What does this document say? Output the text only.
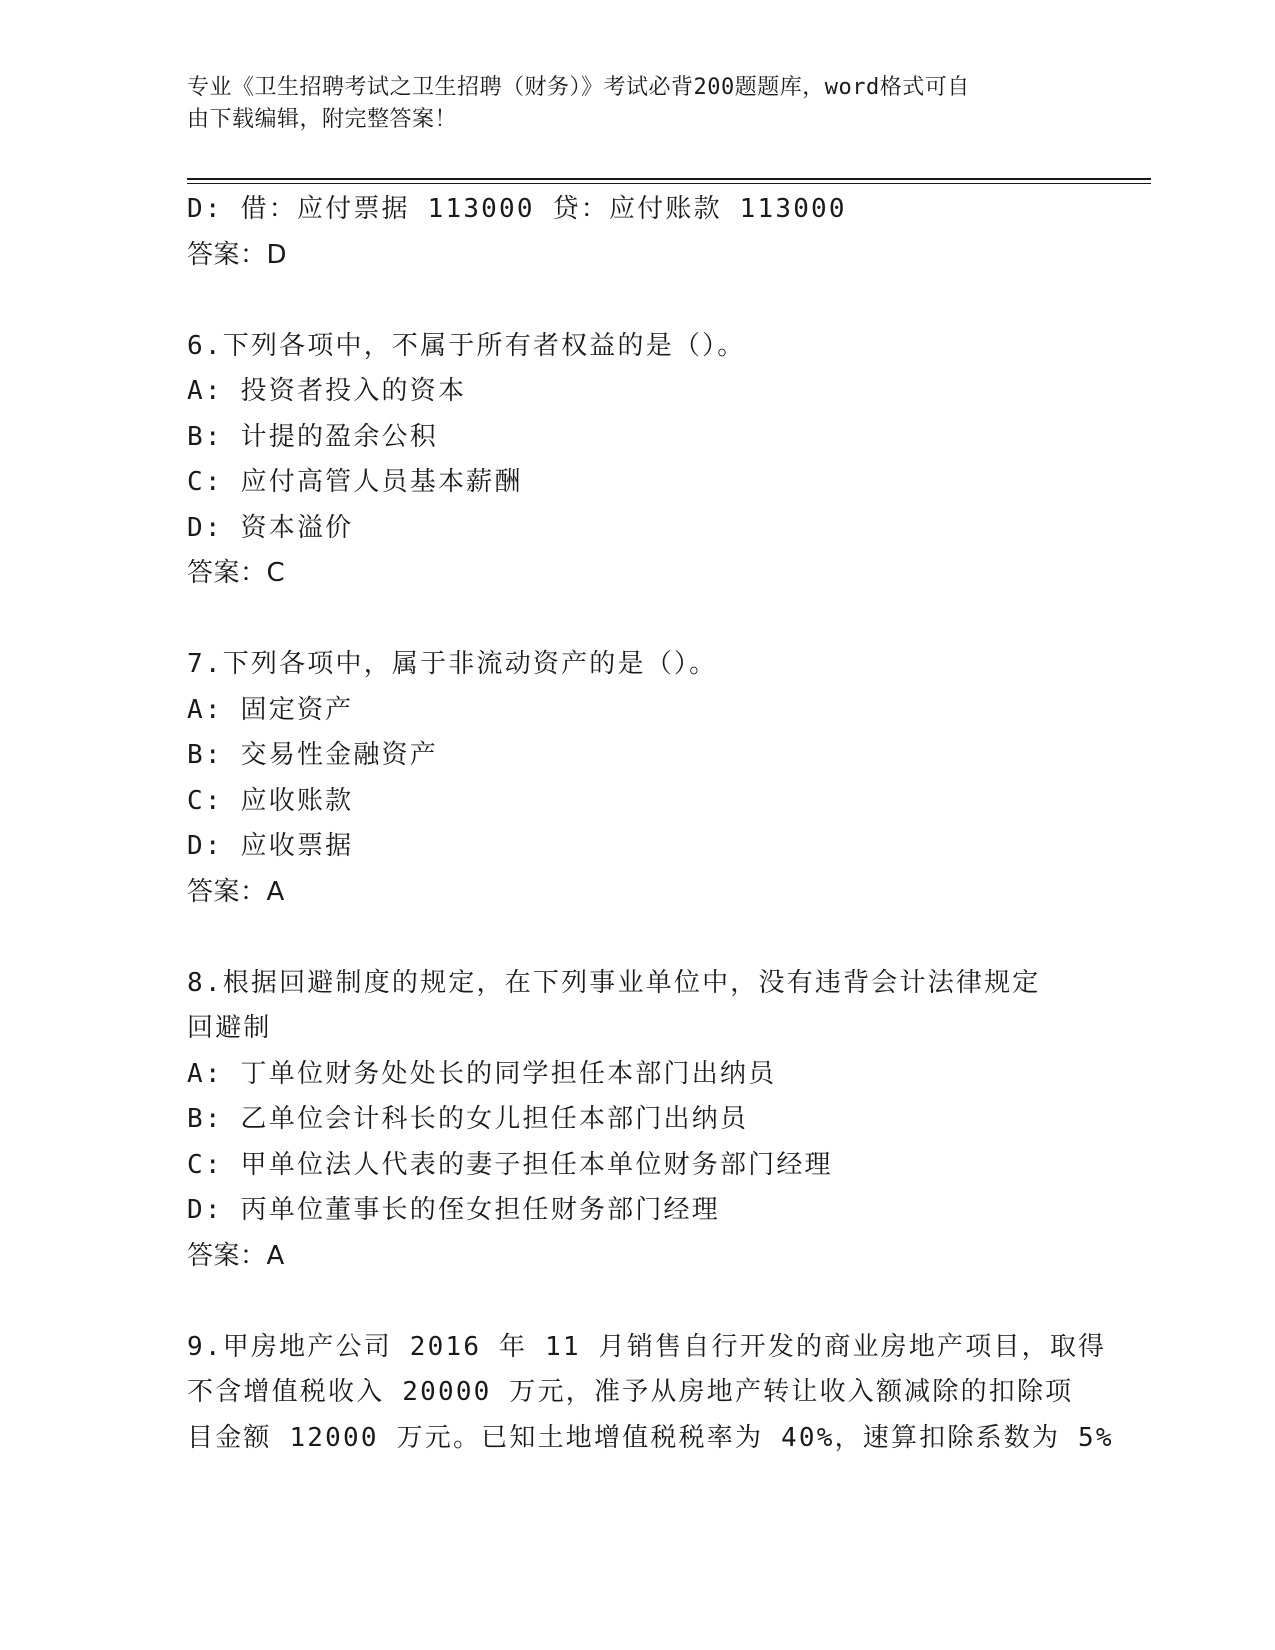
专业《卫生招聘考试之卫生招聘（财务）》考试必背200题题库，word格式可自
由下载编辑，附完整答案！
D: 借：应付票据 113000 贷：应付账款 113000
答案：D
6.下列各项中，不属于所有者权益的是（）。
A: 投资者投入的资本
B: 计提的盈余公积
C: 应付高管人员基本薪酬
D: 资本溢价
答案：C
7.下列各项中，属于非流动资产的是（）。
A: 固定资产
B: 交易性金融资产
C: 应收账款
D: 应收票据
答案：A
8.根据回避制度的规定，在下列事业单位中，没有违背会计法律规定
回避制
A: 丁单位财务处处长的同学担任本部门出纳员
B: 乙单位会计科长的女儿担任本部门出纳员
C: 甲单位法人代表的妻子担任本单位财务部门经理
D: 丙单位董事长的侄女担任财务部门经理
答案：A
9.甲房地产公司 2016 年 11 月销售自行开发的商业房地产项目，取得
不含增值税收入 20000 万元，准予从房地产转让收入额减除的扣除项
目金额 12000 万元。已知土地增值税税率为 40%，速算扣除系数为 5%
